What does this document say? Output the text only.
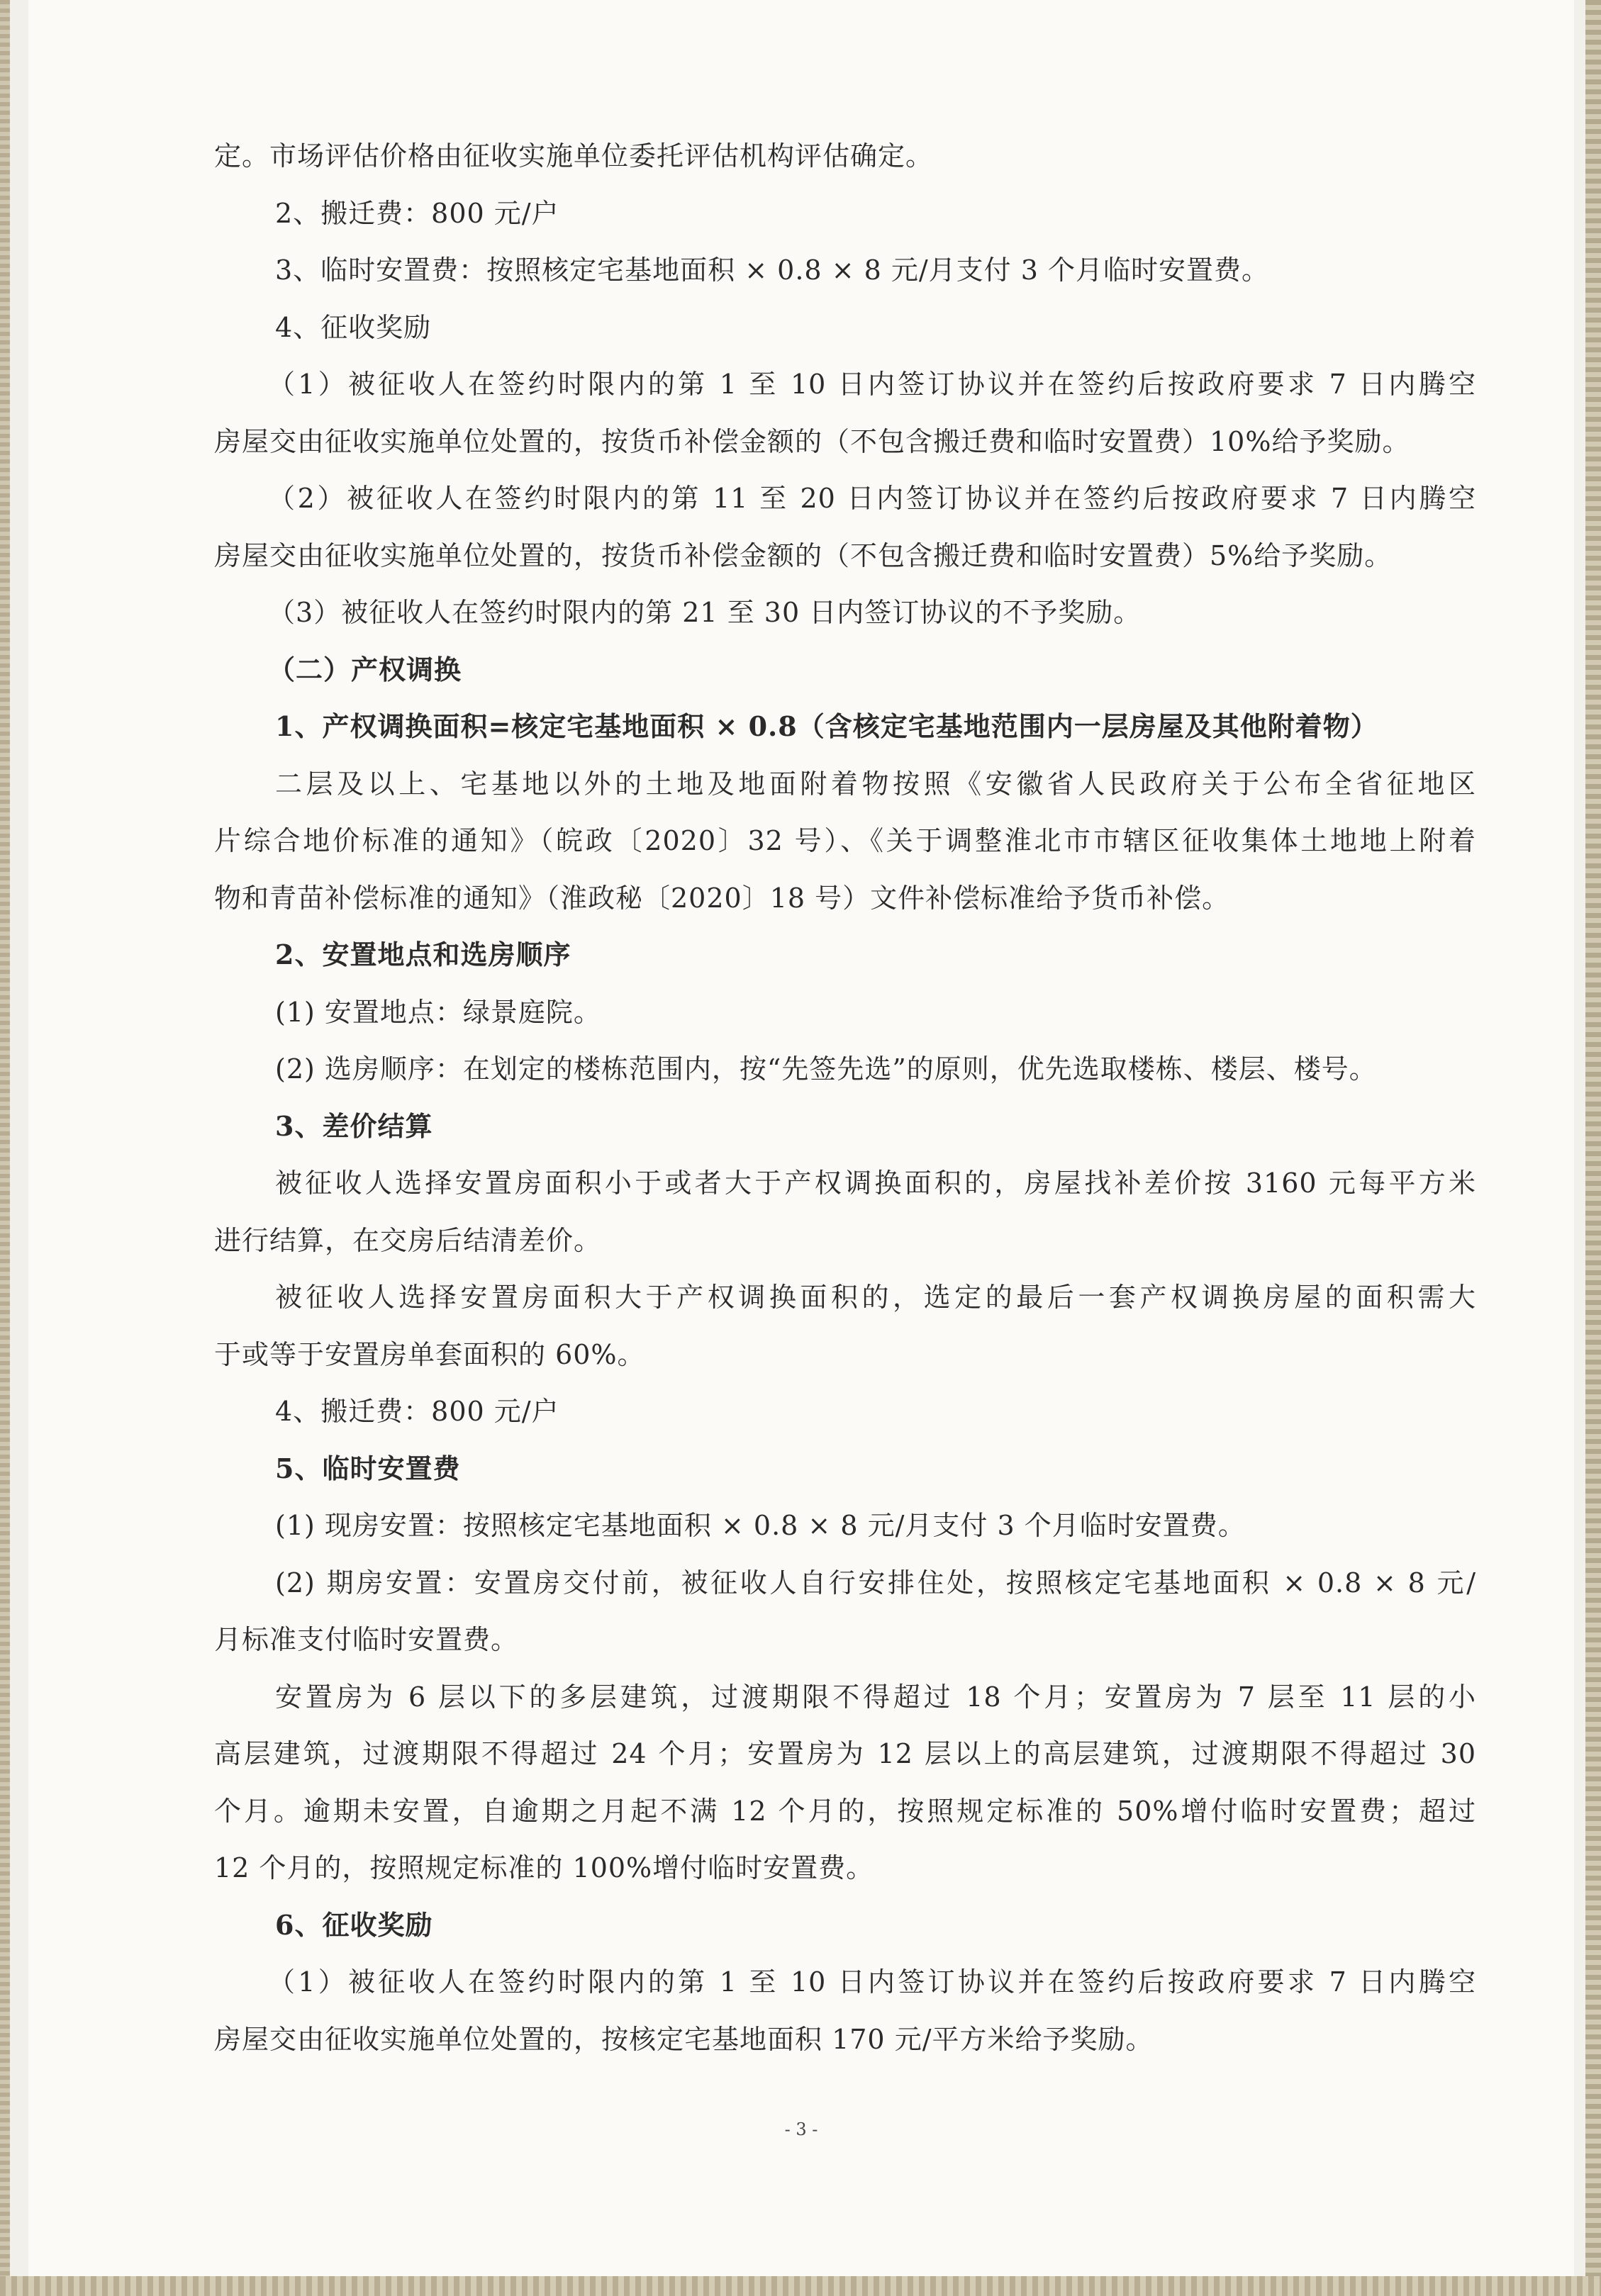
定。市场评估价格由征收实施单位委托评估机构评估确定。
2、搬迁费：800 元/户
3、临时安置费：按照核定宅基地面积 × 0.8 × 8 元/月支付 3 个月临时安置费。
4、征收奖励
（1）被征收人在签约时限内的第 1 至 10 日内签订协议并在签约后按政府要求 7 日内腾空
房屋交由征收实施单位处置的，按货币补偿金额的（不包含搬迁费和临时安置费）10%给予奖励。
（2）被征收人在签约时限内的第 11 至 20 日内签订协议并在签约后按政府要求 7 日内腾空
房屋交由征收实施单位处置的，按货币补偿金额的（不包含搬迁费和临时安置费）5%给予奖励。
（3）被征收人在签约时限内的第 21 至 30 日内签订协议的不予奖励。
（二）产权调换
1、产权调换面积=核定宅基地面积 × 0.8（含核定宅基地范围内一层房屋及其他附着物）
二层及以上、宅基地以外的土地及地面附着物按照《安徽省人民政府关于公布全省征地区
片综合地价标准的通知》（皖政〔2020〕32 号）、《关于调整淮北市市辖区征收集体土地地上附着
物和青苗补偿标准的通知》（淮政秘〔2020〕18 号）文件补偿标准给予货币补偿。
2、安置地点和选房顺序
(1) 安置地点：绿景庭院。
(2) 选房顺序：在划定的楼栋范围内，按“先签先选”的原则，优先选取楼栋、楼层、楼号。
3、差价结算
被征收人选择安置房面积小于或者大于产权调换面积的，房屋找补差价按 3160 元每平方米
进行结算，在交房后结清差价。
被征收人选择安置房面积大于产权调换面积的，选定的最后一套产权调换房屋的面积需大
于或等于安置房单套面积的 60%。
4、搬迁费：800 元/户
5、临时安置费
(1) 现房安置：按照核定宅基地面积 × 0.8 × 8 元/月支付 3 个月临时安置费。
(2) 期房安置：安置房交付前，被征收人自行安排住处，按照核定宅基地面积 × 0.8 × 8 元/
月标准支付临时安置费。
安置房为 6 层以下的多层建筑，过渡期限不得超过 18 个月；安置房为 7 层至 11 层的小
高层建筑，过渡期限不得超过 24 个月；安置房为 12 层以上的高层建筑，过渡期限不得超过 30
个月。逾期未安置，自逾期之月起不满 12 个月的，按照规定标准的 50%增付临时安置费；超过
12 个月的，按照规定标准的 100%增付临时安置费。
6、征收奖励
（1）被征收人在签约时限内的第 1 至 10 日内签订协议并在签约后按政府要求 7 日内腾空
房屋交由征收实施单位处置的，按核定宅基地面积 170 元/平方米给予奖励。
- 3 -
